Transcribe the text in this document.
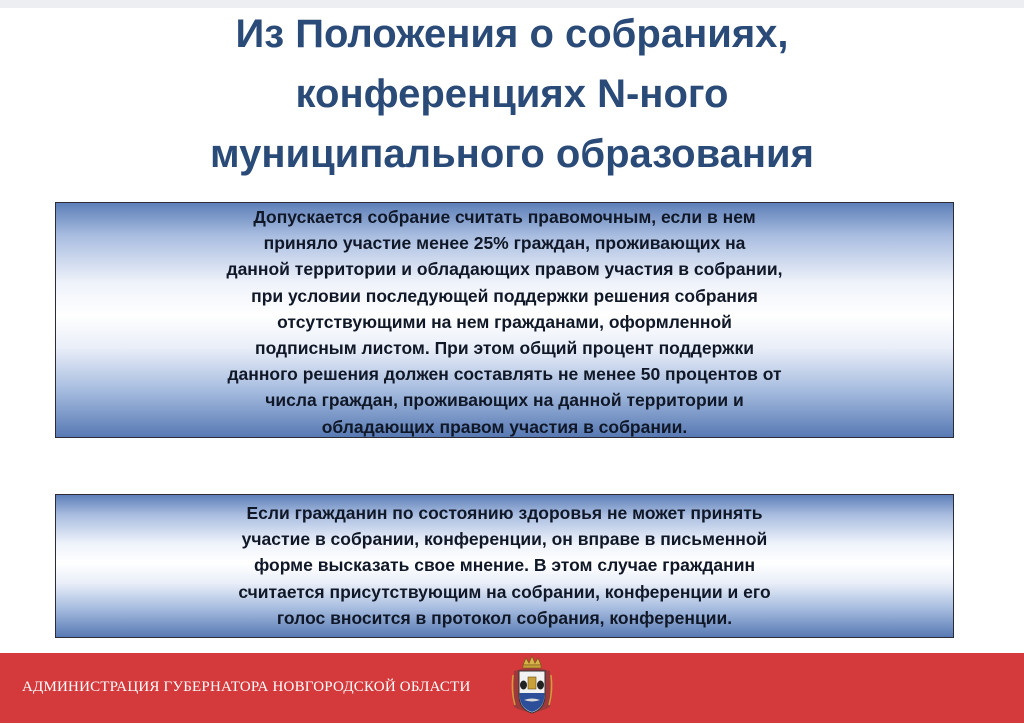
Из Положения о собраниях,
конференциях N-ного
муниципального образования
Допускается собрание считать правомочным, если в нем
приняло участие менее 25% граждан, проживающих на
данной территории и обладающих правом участия в собрании,
при условии последующей поддержки решения собрания
отсутствующими на нем гражданами, оформленной
подписным листом. При этом общий процент поддержки
данного решения должен составлять не менее 50 процентов от
числа граждан, проживающих на данной территории и
обладающих правом участия в собрании.
Если гражданин по состоянию здоровья не может принять
участие в собрании, конференции, он вправе в письменной
форме высказать свое мнение. В этом случае гражданин
считается присутствующим на собрании, конференции и его
голос вносится в протокол собрания, конференции.
АДМИНИСТРАЦИЯ ГУБЕРНАТОРА НОВГОРОДСКОЙ ОБЛАСТИ
